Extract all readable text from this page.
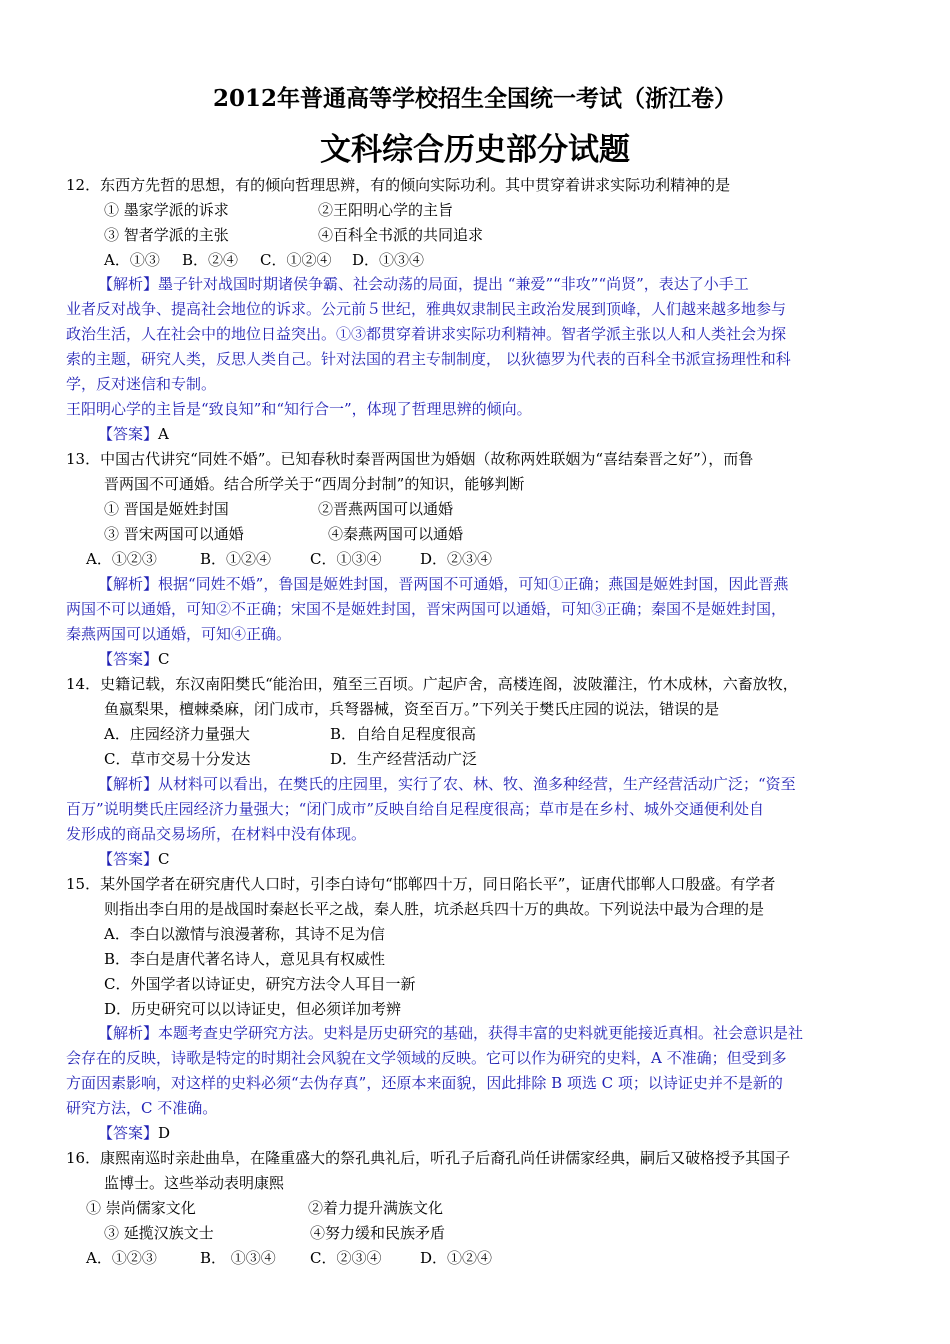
2012年普通高等学校招生全国统一考试（浙江卷）
文科综合历史部分试题
12．东西方先哲的思想，有的倾向哲理思辨，有的倾向实际功利。其中贯穿着讲求实际功利精神的是
① 墨家学派的诉求	②王阳明心学的主旨
③ 智者学派的主张	④百科全书派的共同追求
A．①③ B．②④ C．①②④ D．①③④
【解析】墨子针对战国时期诸侯争霸、社会动荡的局面，提出 “兼爱”“非攻”“尚贤”，表达了小手工
业者反对战争、提高社会地位的诉求。公元前５世纪，雅典奴隶制民主政治发展到顶峰，人们越来越多地参与
政治生活，人在社会中的地位日益突出。①③都贯穿着讲求实际功利精神。智者学派主张以人和人类社会为探
索的主题，研究人类，反思人类自己。针对法国的君主专制制度， 以狄德罗为代表的百科全书派宣扬理性和科
学，反对迷信和专制。
王阳明心学的主旨是“致良知”和“知行合一”，体现了哲理思辨的倾向。
【答案】A
13．中国古代讲究“同姓不婚”。已知春秋时秦晋两国世为婚姻（故称两姓联姻为“喜结秦晋之好”），而鲁
晋两国不可通婚。结合所学关于“西周分封制”的知识，能够判断
① 晋国是姬姓封国	②晋燕两国可以通婚
③ 晋宋两国可以通婚	④秦燕两国可以通婚
A．①②③	B．①②④	C．①③④	D．②③④
【解析】根据“同姓不婚”，鲁国是姬姓封国，晋两国不可通婚，可知①正确；燕国是姬姓封国，因此晋燕
两国不可以通婚，可知②不正确；宋国不是姬姓封国，晋宋两国可以通婚，可知③正确；秦国不是姬姓封国，
秦燕两国可以通婚，可知④正确。
【答案】C
14．史籍记载，东汉南阳樊氏“能治田，殖至三百顷。广起庐舍，高楼连阁，波陂灌注，竹木成林，六畜放牧，
鱼嬴梨果，檀棘桑麻，闭门成市，兵弩器械，资至百万。”下列关于樊氏庄园的说法，错误的是
A．庄园经济力量强大	B．自给自足程度很高
C．草市交易十分发达	D．生产经营活动广泛
【解析】从材料可以看出，在樊氏的庄园里，实行了农、林、牧、渔多种经营，生产经营活动广泛；“资至
百万”说明樊氏庄园经济力量强大；“闭门成市”反映自给自足程度很高；草市是在乡村、城外交通便利处自
发形成的商品交易场所，在材料中没有体现。
【答案】C
15．某外国学者在研究唐代人口时，引李白诗句“邯郸四十万，同日陷长平”，证唐代邯郸人口殷盛。有学者
则指出李白用的是战国时秦赵长平之战，秦人胜，坑杀赵兵四十万的典故。下列说法中最为合理的是
A．李白以激情与浪漫著称，其诗不足为信
B．李白是唐代著名诗人，意见具有权威性
C．外国学者以诗证史，研究方法令人耳目一新
D．历史研究可以以诗证史，但必须详加考辨
【解析】本题考查史学研究方法。史料是历史研究的基础，获得丰富的史料就更能接近真相。社会意识是社
会存在的反映，诗歌是特定的时期社会风貌在文学领域的反映。它可以作为研究的史料，A 不准确；但受到多
方面因素影响，对这样的史料必须“去伪存真”，还原本来面貌，因此排除 B 项选 C 项；以诗证史并不是新的
研究方法，C 不准确。
【答案】D
16．康熙南巡时亲赴曲阜，在隆重盛大的祭孔典礼后，听孔子后裔孔尚任讲儒家经典，嗣后又破格授予其国子
监博士。这些举动表明康熙
① 崇尚儒家文化	②着力提升满族文化
③ 延揽汉族文士	④努力缓和民族矛盾
A．①②③	B． ①③④ C．②③④	D．①②④
